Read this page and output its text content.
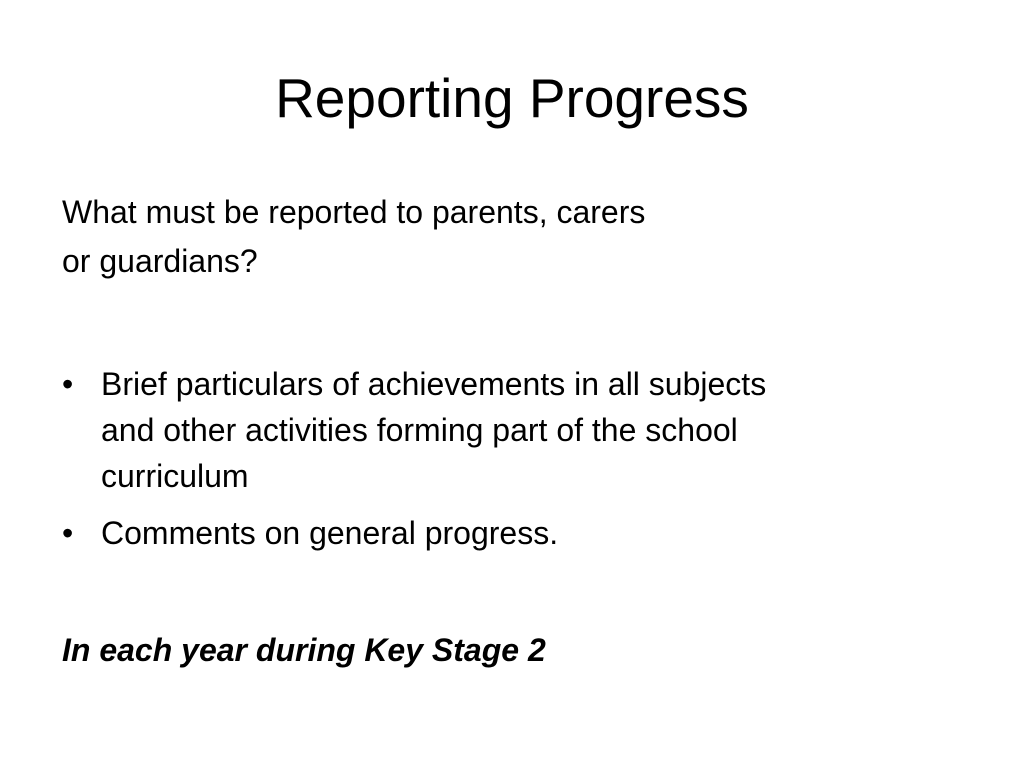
Reporting Progress
What must be reported to parents, carers
or guardians?
• Brief particulars of achievements in all subjects
and other activities forming part of the school
curriculum
• Comments on general progress.
In each year during Key Stage 2
